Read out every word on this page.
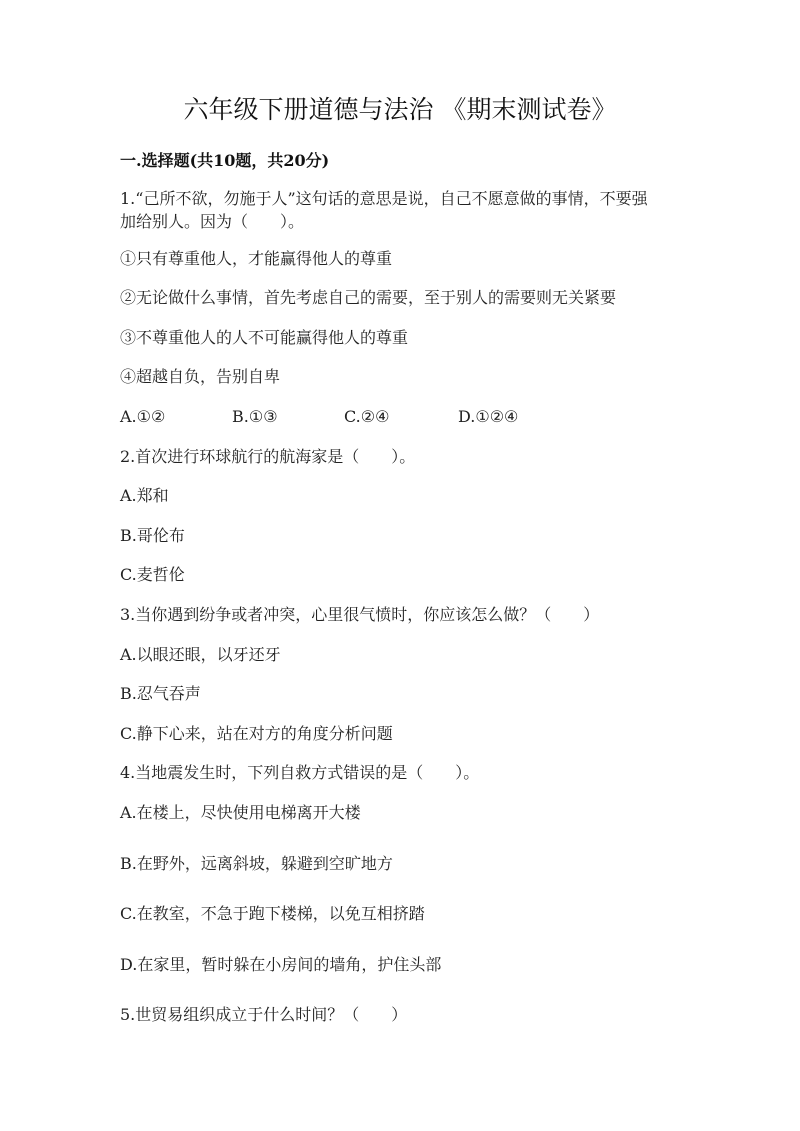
六年级下册道德与法治 《期末测试卷》
一.选择题(共10题，共20分)
1.“己所不欲，勿施于人”这句话的意思是说，自己不愿意做的事情，不要强
加给别人。因为（　　）。
①只有尊重他人，才能赢得他人的尊重
②无论做什么事情，首先考虑自己的需要，至于别人的需要则无关紧要
③不尊重他人的人不可能赢得他人的尊重
④超越自负，告别自卑
A.①②	B.①③	C.②④	D.①②④
2.首次进行环球航行的航海家是（　　）。
A.郑和
B.哥伦布
C.麦哲伦
3.当你遇到纷争或者冲突，心里很气愤时，你应该怎么做？（　　）
A.以眼还眼，以牙还牙
B.忍气吞声
C.静下心来，站在对方的角度分析问题
4.当地震发生时，下列自救方式错误的是（　　）。
A.在楼上，尽快使用电梯离开大楼
B.在野外，远离斜坡，躲避到空旷地方
C.在教室，不急于跑下楼梯，以免互相挤踏
D.在家里，暂时躲在小房间的墙角，护住头部
5.世贸易组织成立于什么时间？（　　）
